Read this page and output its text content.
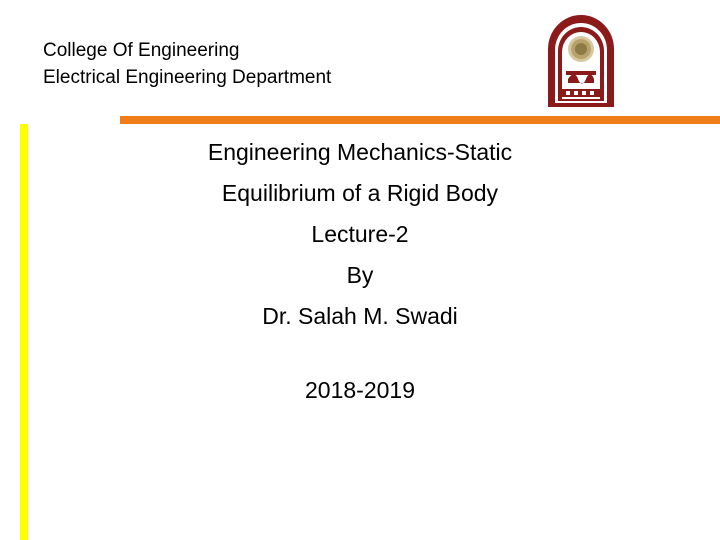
College Of Engineering
Electrical Engineering Department
Engineering Mechanics-Static
Equilibrium of a Rigid Body
Lecture-2
By
Dr. Salah M. Swadi
2018-2019
